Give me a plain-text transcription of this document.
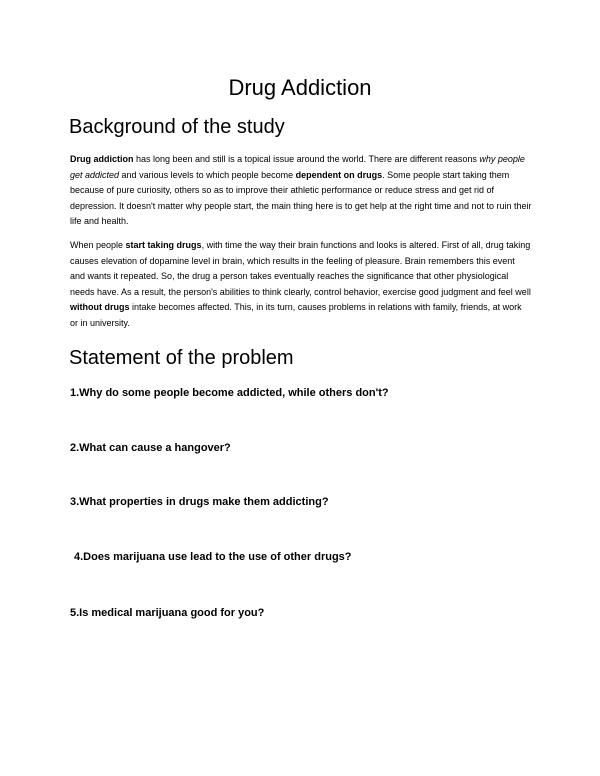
Drug Addiction
Background of the study

Drug addiction has long been and still is a topical issue around the world. There are different reasons why people get addicted and various levels to which people become dependent on drugs. Some people start taking them because of pure curiosity, others so as to improve their athletic performance or reduce stress and get rid of depression. It doesn't matter why people start, the main thing here is to get help at the right time and not to ruin their life and health.

When people start taking drugs, with time the way their brain functions and looks is altered. First of all, drug taking causes elevation of dopamine level in brain, which results in the feeling of pleasure. Brain remembers this event and wants it repeated. So, the drug a person takes eventually reaches the significance that other physiological needs have. As a result, the person's abilities to think clearly, control behavior, exercise good judgment and feel well without drugs intake becomes affected. This, in its turn, causes problems in relations with family, friends, at work or in university.

Statement of the problem

1.Why do some people become addicted, while others don't?

2.What can cause a hangover?

3.What properties in drugs make them addicting?

4.Does marijuana use lead to the use of other drugs?

5.Is medical marijuana good for you?
